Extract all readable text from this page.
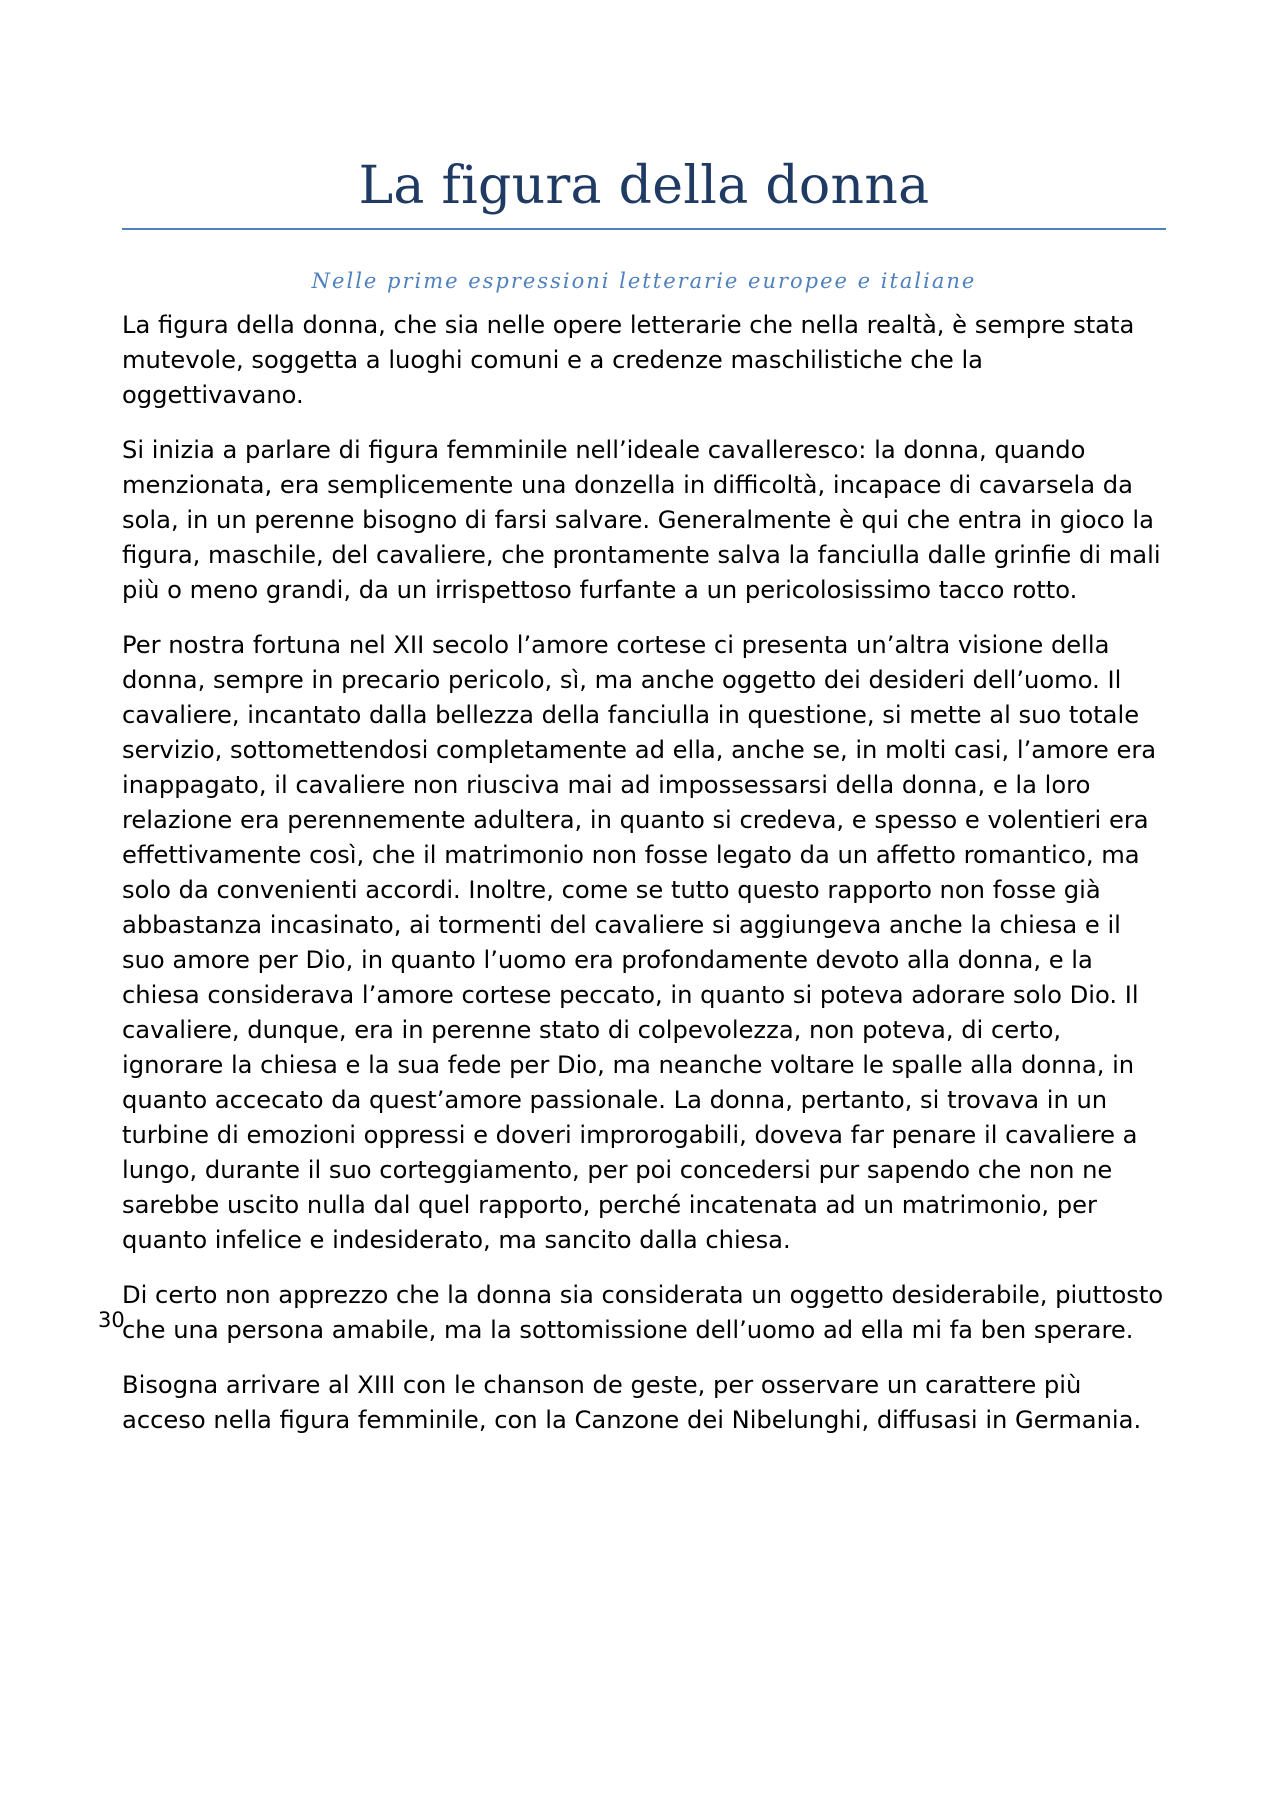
La figura della donna
Nelle prime espressioni letterarie europee e italiane

La figura della donna, che sia nelle opere letterarie che nella realtà, è sempre stata mutevole, soggetta a luoghi comuni e a credenze maschilistiche che la oggettivavano.

Si inizia a parlare di figura femminile nell’ideale cavalleresco: la donna, quando menzionata, era semplicemente una donzella in difficoltà, incapace di cavarsela da sola, in un perenne bisogno di farsi salvare. Generalmente è qui che entra in gioco la figura, maschile, del cavaliere, che prontamente salva la fanciulla dalle grinfie di mali più o meno grandi, da un irrispettoso furfante a un pericolosissimo tacco rotto.

Per nostra fortuna nel XII secolo l’amore cortese ci presenta un’altra visione della donna, sempre in precario pericolo, sì, ma anche oggetto dei desideri dell’uomo. Il cavaliere, incantato dalla bellezza della fanciulla in questione, si mette al suo totale servizio, sottomettendosi completamente ad ella, anche se, in molti casi, l’amore era inappagato, il cavaliere non riusciva mai ad impossessarsi della donna, e la loro relazione era perennemente adultera, in quanto si credeva, e spesso e volentieri era effettivamente così, che il matrimonio non fosse legato da un affetto romantico, ma solo da convenienti accordi. Inoltre, come se tutto questo rapporto non fosse già abbastanza incasinato, ai tormenti del cavaliere si aggiungeva anche la chiesa e il suo amore per Dio, in quanto l’uomo era profondamente devoto alla donna, e la chiesa considerava l’amore cortese peccato, in quanto si poteva adorare solo Dio. Il cavaliere, dunque, era in perenne stato di colpevolezza, non poteva, di certo, ignorare la chiesa e la sua fede per Dio, ma neanche voltare le spalle alla donna, in quanto accecato da quest’amore passionale. La donna, pertanto, si trovava in un turbine di emozioni oppressi e doveri improrogabili, doveva far penare il cavaliere a lungo, durante il suo corteggiamento, per poi concedersi pur sapendo che non ne sarebbe uscito nulla dal quel rapporto, perché incatenata ad un matrimonio, per quanto infelice e indesiderato, ma sancito dalla chiesa.

Di certo non apprezzo che la donna sia considerata un oggetto desiderabile, piuttosto che una persona amabile, ma la sottomissione dell’uomo ad ella mi fa ben sperare.

Bisogna arrivare al XIII con le chanson de geste, per osservare un carattere più acceso nella figura femminile, con la Canzone dei Nibelunghi, diffusasi in Germania.

30
